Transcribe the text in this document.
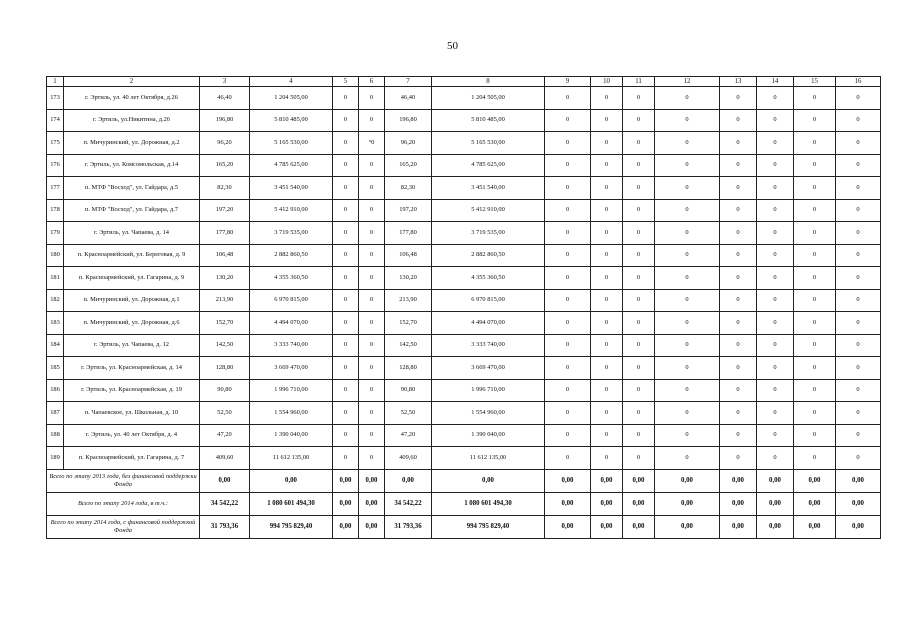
50
1	2	3	4	5	6	7	8	9	10	11	12	13	14	15	16
173	г. Эртиль, ул. 40 лет Октября, д.26	46,40	1 204 505,00	0	0	46,40	1 204 505,00	0	0	0	0	0	0	0	0
174	г. Эртиль, ул.Никитина, д.26	196,80	5 810 485,00	0	0	196,80	5 810 485,00	0	0	0	0	0	0	0	0
175	п. Мичуринский, ул. Дорожная, д.2	96,20	5 165 530,00	0	°0	96,20	5 165 530,00	0	0	0	0	0	0	0	0
176	г. Эртиль, ул. Комсомольская, д.14	165,20	4 785 625,00	0	0	165,20	4 785 625,00	0	0	0	0	0	0	0	0
177	п. МТФ "Восход", ул. Гайдара, д.5	82,30	3 451 540,00	0	0	82,30	3 451 540,00	0	0	0	0	0	0	0	0
178	п. МТФ "Восход", ул. Гайдара, д.7	197,20	5 412 910,00	0	0	197,20	5 412 910,00	0	0	0	0	0	0	0	0
179	г. Эртиль, ул. Чапаева, д. 14	177,80	3 719 535,00	0	0	177,80	3 719 535,00	0	0	0	0	0	0	0	0
180	п. Красноармейский, ул. Береговая, д. 9	106,48	2 882 860,50	0	0	106,48	2 882 860,50	0	0	0	0	0	0	0	0
181	п. Красноармейский, ул. Гагарина, д. 9	130,20	4 355 360,50	0	0	130,20	4 355 360,50	0	0	0	0	0	0	0	0
182	п. Мичуринский, ул. Дорожная, д.1	213,90	6 970 815,00	0	0	213,90	6 970 815,00	0	0	0	0	0	0	0	0
183	п. Мичуринский, ул. Дорожная, д.6	152,70	4 494 070,00	0	0	152,70	4 494 070,00	0	0	0	0	0	0	0	0
184	г. Эртиль, ул. Чапаева, д. 12	142,50	3 333 740,00	0	0	142,50	3 333 740,00	0	0	0	0	0	0	0	0
185	г. Эртиль, ул. Красноармейская, д. 14	128,80	3 669 470,00	0	0	128,80	3 669 470,00	0	0	0	0	0	0	0	0
186	г. Эртиль, ул. Красноармейская, д. 19	90,80	1 996 710,00	0	0	90,80	1 996 710,00	0	0	0	0	0	0	0	0
187	п. Чапаевское, ул. Школьная, д. 10	52,50	1 554 960,00	0	0	52,50	1 554 960,00	0	0	0	0	0	0	0	0
188	г. Эртиль, ул. 40 лет Октября, д. 4	47,20	1 390 040,00	0	0	47,20	1 390 040,00	0	0	0	0	0	0	0	0
189	п. Красноармейский, ул. Гагарина, д. 7	409,60	11 612 135,00	0	0	409,60	11 612 135,00	0	0	0	0	0	0	0	0
Всего по этапу 2013 года, без финансовой поддержки Фонда		0,00	0,00	0,00	0,00	0,00	0,00	0,00	0,00	0,00	0,00	0,00	0,00	0,00	0,00
Всего по этапу 2014 года, в т.ч.:		34 542,22	1 080 601 494,30	0,00	0,00	34 542,22	1 080 601 494,30	0,00	0,00	0,00	0,00	0,00	0,00	0,00	0,00
Всего по этапу 2014 года, с финансовой поддержкой Фонда		31 793,36	994 795 829,40	0,00	0,00	31 793,36	994 795 829,40	0,00	0,00	0,00	0,00	0,00	0,00	0,00	0,00
